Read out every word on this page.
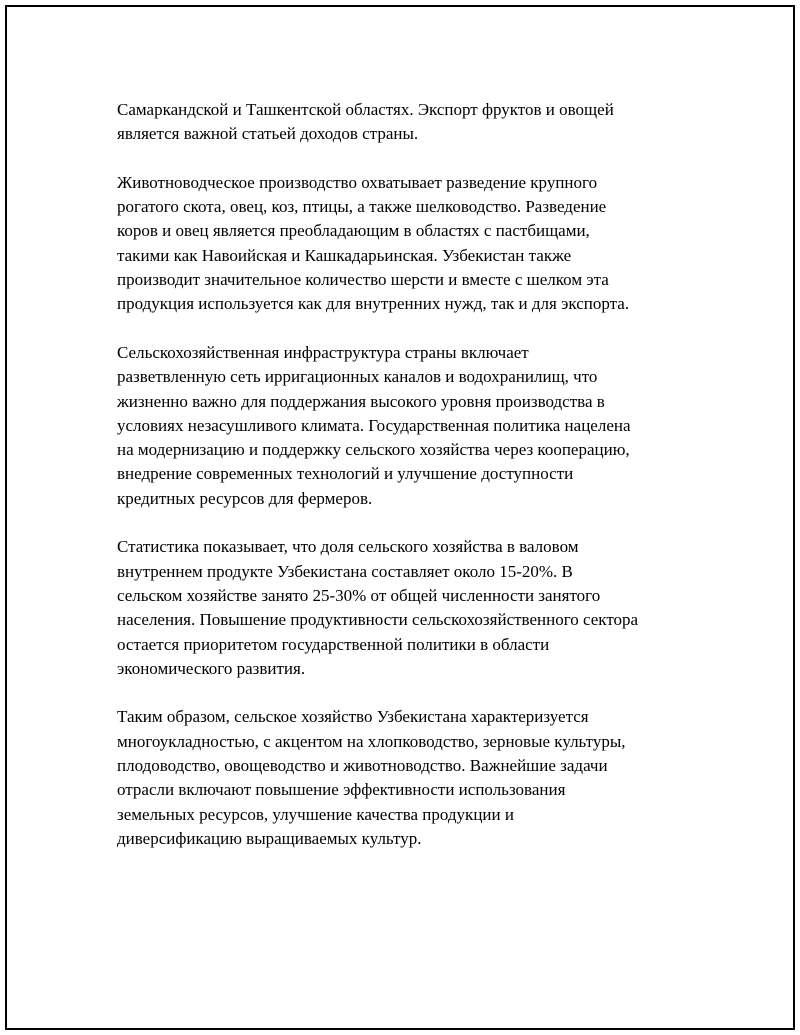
Самаркандской и Ташкентской областях. Экспорт фруктов и овощей
является важной статьей доходов страны.

Животноводческое производство охватывает разведение крупного
рогатого скота, овец, коз, птицы, а также шелководство. Разведение
коров и овец является преобладающим в областях с пастбищами,
такими как Навоийская и Кашкадарьинская. Узбекистан также
производит значительное количество шерсти и вместе с шелком эта
продукция используется как для внутренних нужд, так и для экспорта.

Сельскохозяйственная инфраструктура страны включает
разветвленную сеть ирригационных каналов и водохранилищ, что
жизненно важно для поддержания высокого уровня производства в
условиях незасушливого климата. Государственная политика нацелена
на модернизацию и поддержку сельского хозяйства через кооперацию,
внедрение современных технологий и улучшение доступности
кредитных ресурсов для фермеров.

Статистика показывает, что доля сельского хозяйства в валовом
внутреннем продукте Узбекистана составляет около 15-20%. В
сельском хозяйстве занято 25-30% от общей численности занятого
населения. Повышение продуктивности сельскохозяйственного сектора
остается приоритетом государственной политики в области
экономического развития.

Таким образом, сельское хозяйство Узбекистана характеризуется
многоукладностью, с акцентом на хлопководство, зерновые культуры,
плодоводство, овощеводство и животноводство. Важнейшие задачи
отрасли включают повышение эффективности использования
земельных ресурсов, улучшение качества продукции и
диверсификацию выращиваемых культур.
